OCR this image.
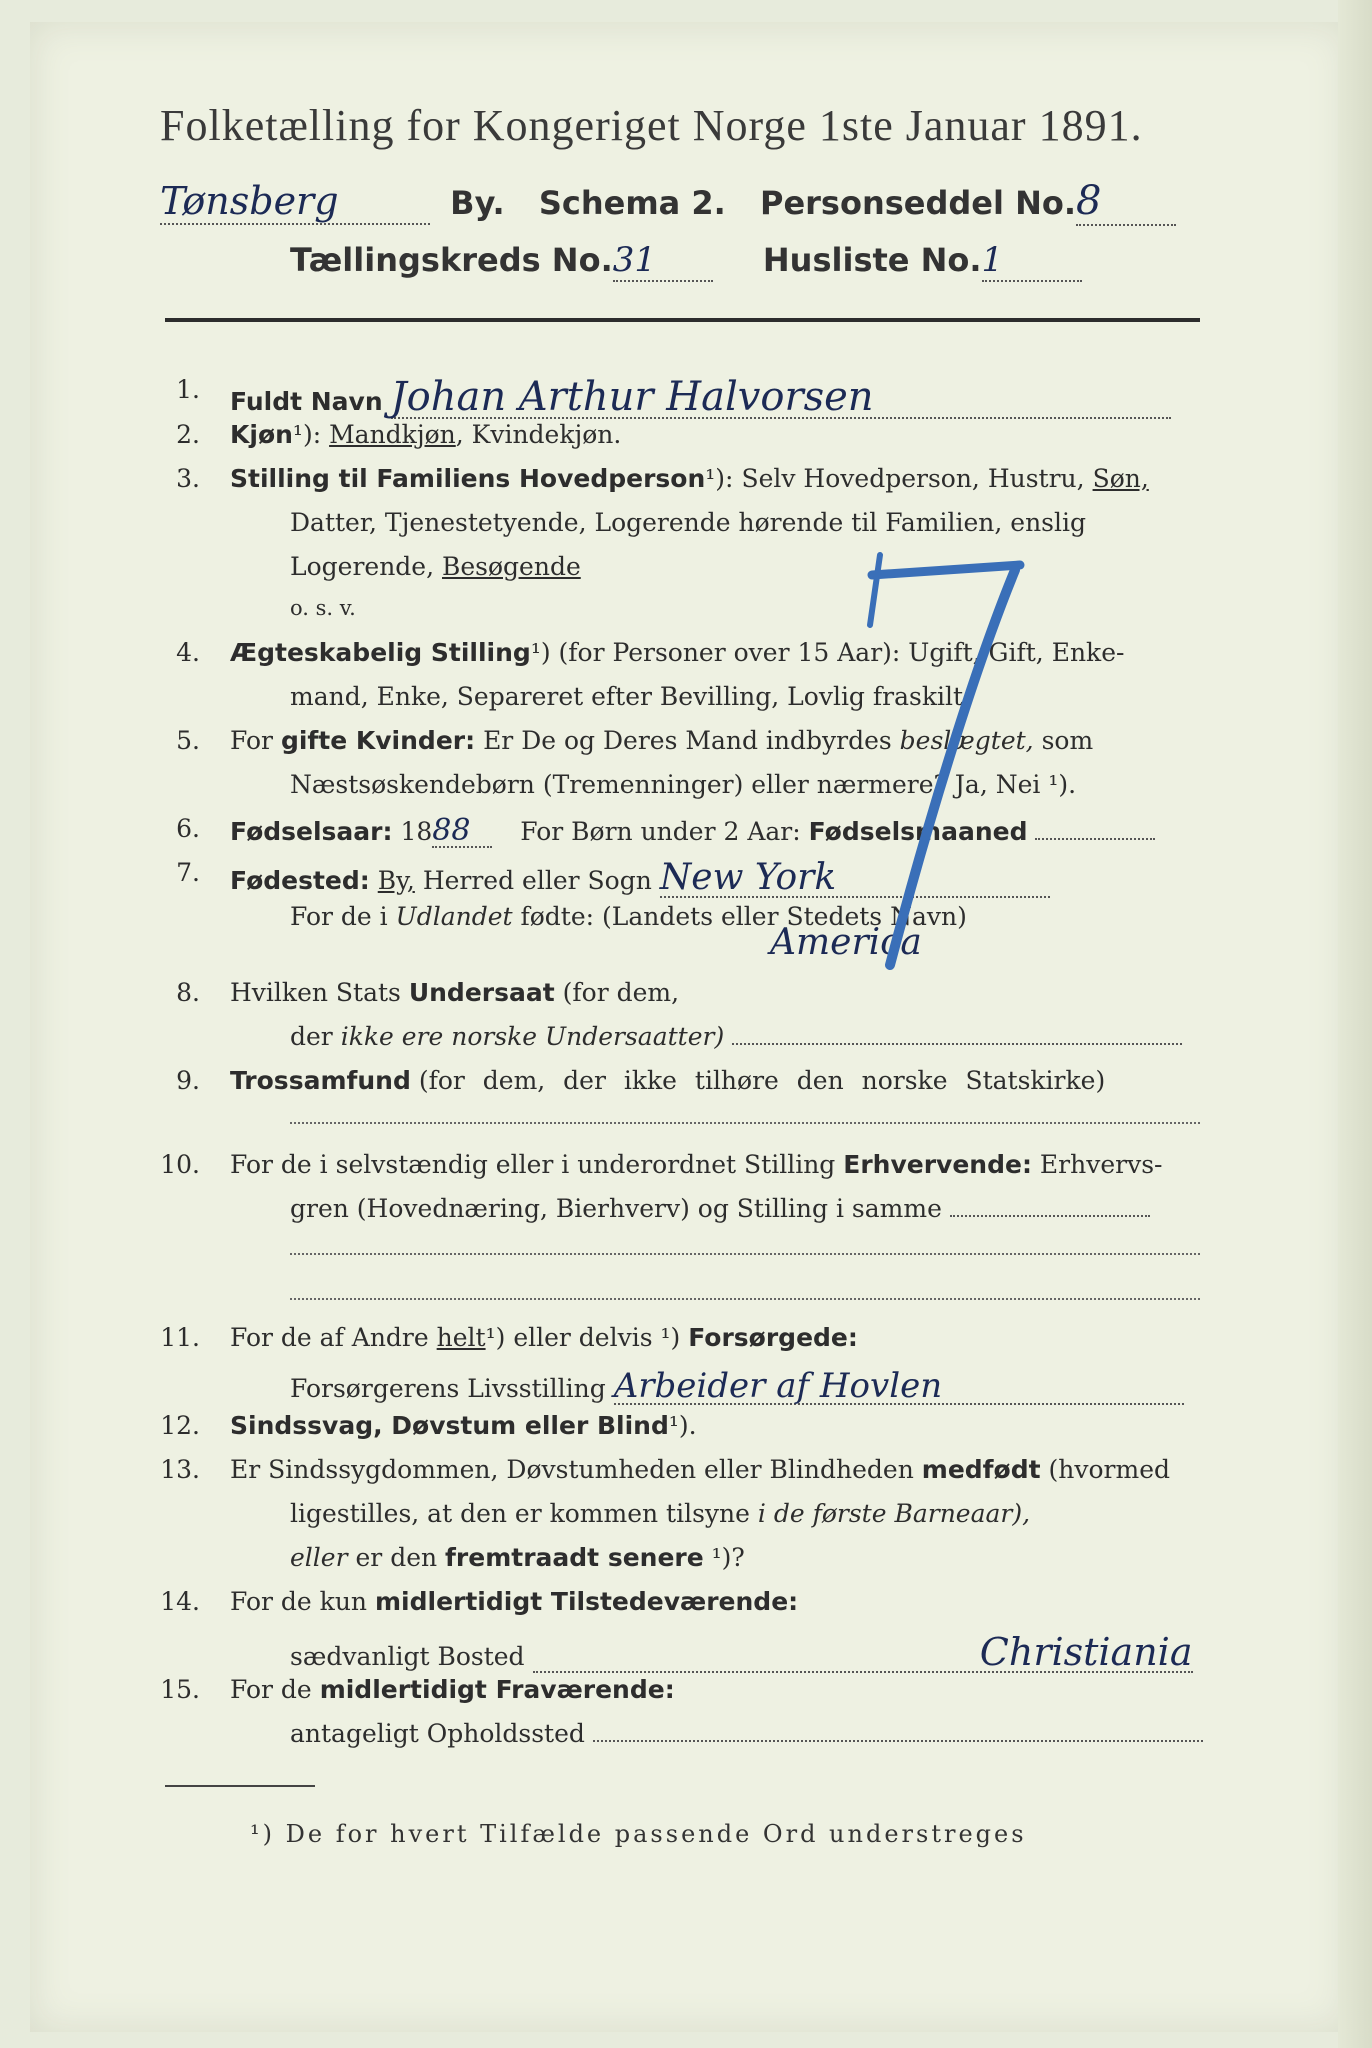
Folketælling for Kongeriget Norge 1ste Januar 1891.
Tønsberg	By. Schema 2. Personseddel No.8
Tællingskreds No.31	Husliste No.1
1. Fuldt Navn Johan Arthur Halvorsen
2. Kjøn¹): Mandkjøn, Kvindekjøn.
3. Stilling til Familiens Hovedperson¹): Selv Hovedperson, Hustru, Søn,
Datter, Tjenestetyende, Logerende hørende til Familien, enslig
Logerende, Besøgende
o. s. v.
4. Ægteskabelig Stilling¹) (for Personer over 15 Aar): Ugift, Gift, Enke-
mand, Enke, Separeret efter Bevilling, Lovlig fraskilt.
5. For gifte Kvinder: Er De og Deres Mand indbyrdes beslægtet, som
Næstsøskendebørn (Tremenninger) eller nærmere? Ja, Nei ¹).
6. Fødselsaar: 1888 For Børn under 2 Aar: Fødselsmaaned
7. Fødested: By, Herred eller Sogn New York
For de i Udlandet fødte: (Landets eller Stedets Navn)
America
8. Hvilken Stats Undersaat (for dem,
der ikke ere norske Undersaatter)
9. Trossamfund (for dem, der ikke tilhøre den norske Statskirke)
10. For de i selvstændig eller i underordnet Stilling Erhvervende: Erhvervs-
gren (Hovednæring, Bierhverv) og Stilling i samme
11. For de af Andre helt¹) eller delvis ¹) Forsørgede:
Forsørgerens Livsstilling Arbeider af Hovlen
12. Sindssvag, Døvstum eller Blind¹).
13. Er Sindssygdommen, Døvstumheden eller Blindheden medfødt (hvormed
ligestilles, at den er kommen tilsyne i de første Barneaar),
eller er den fremtraadt senere ¹)?
14. For de kun midlertidigt Tilstedeværende:
sædvanligt Bosted	Christiania
15. For de midlertidigt Fraværende:
antageligt Opholdssted
¹) De for hvert Tilfælde passende Ord understreges
